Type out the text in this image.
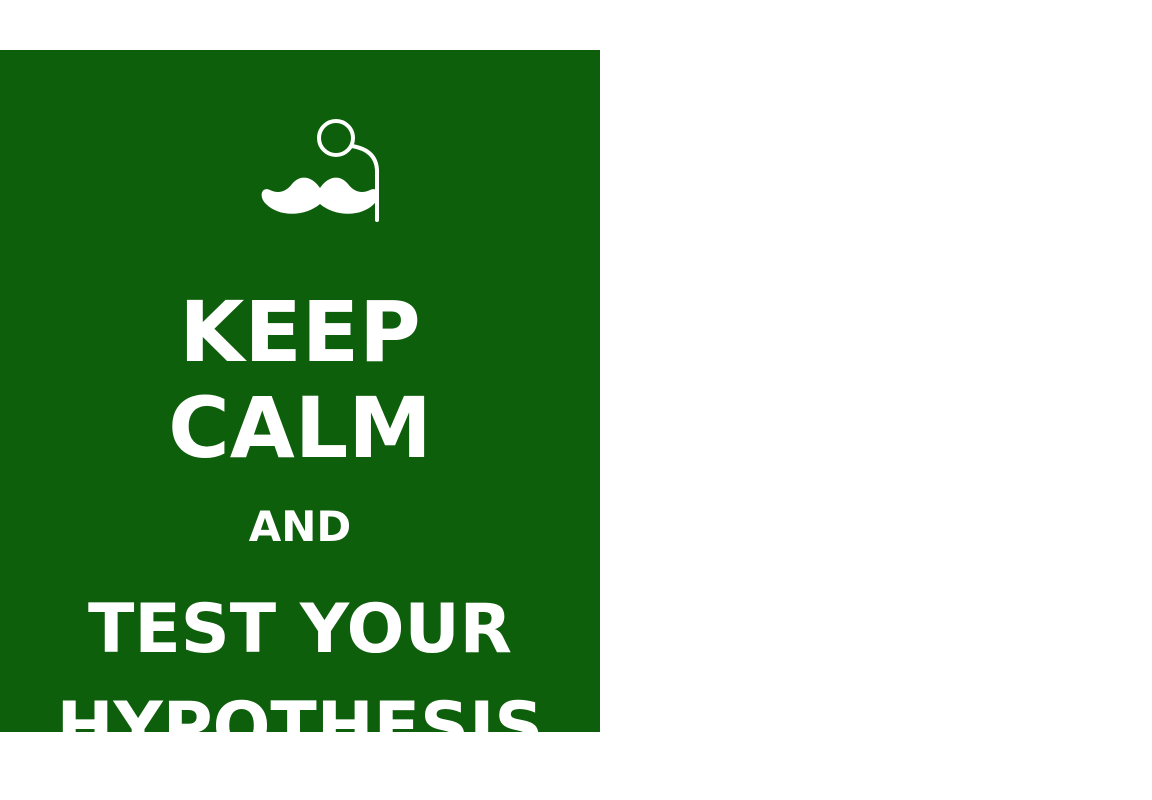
KEEP
CALM
AND
TEST YOUR
HYPOTHESIS
